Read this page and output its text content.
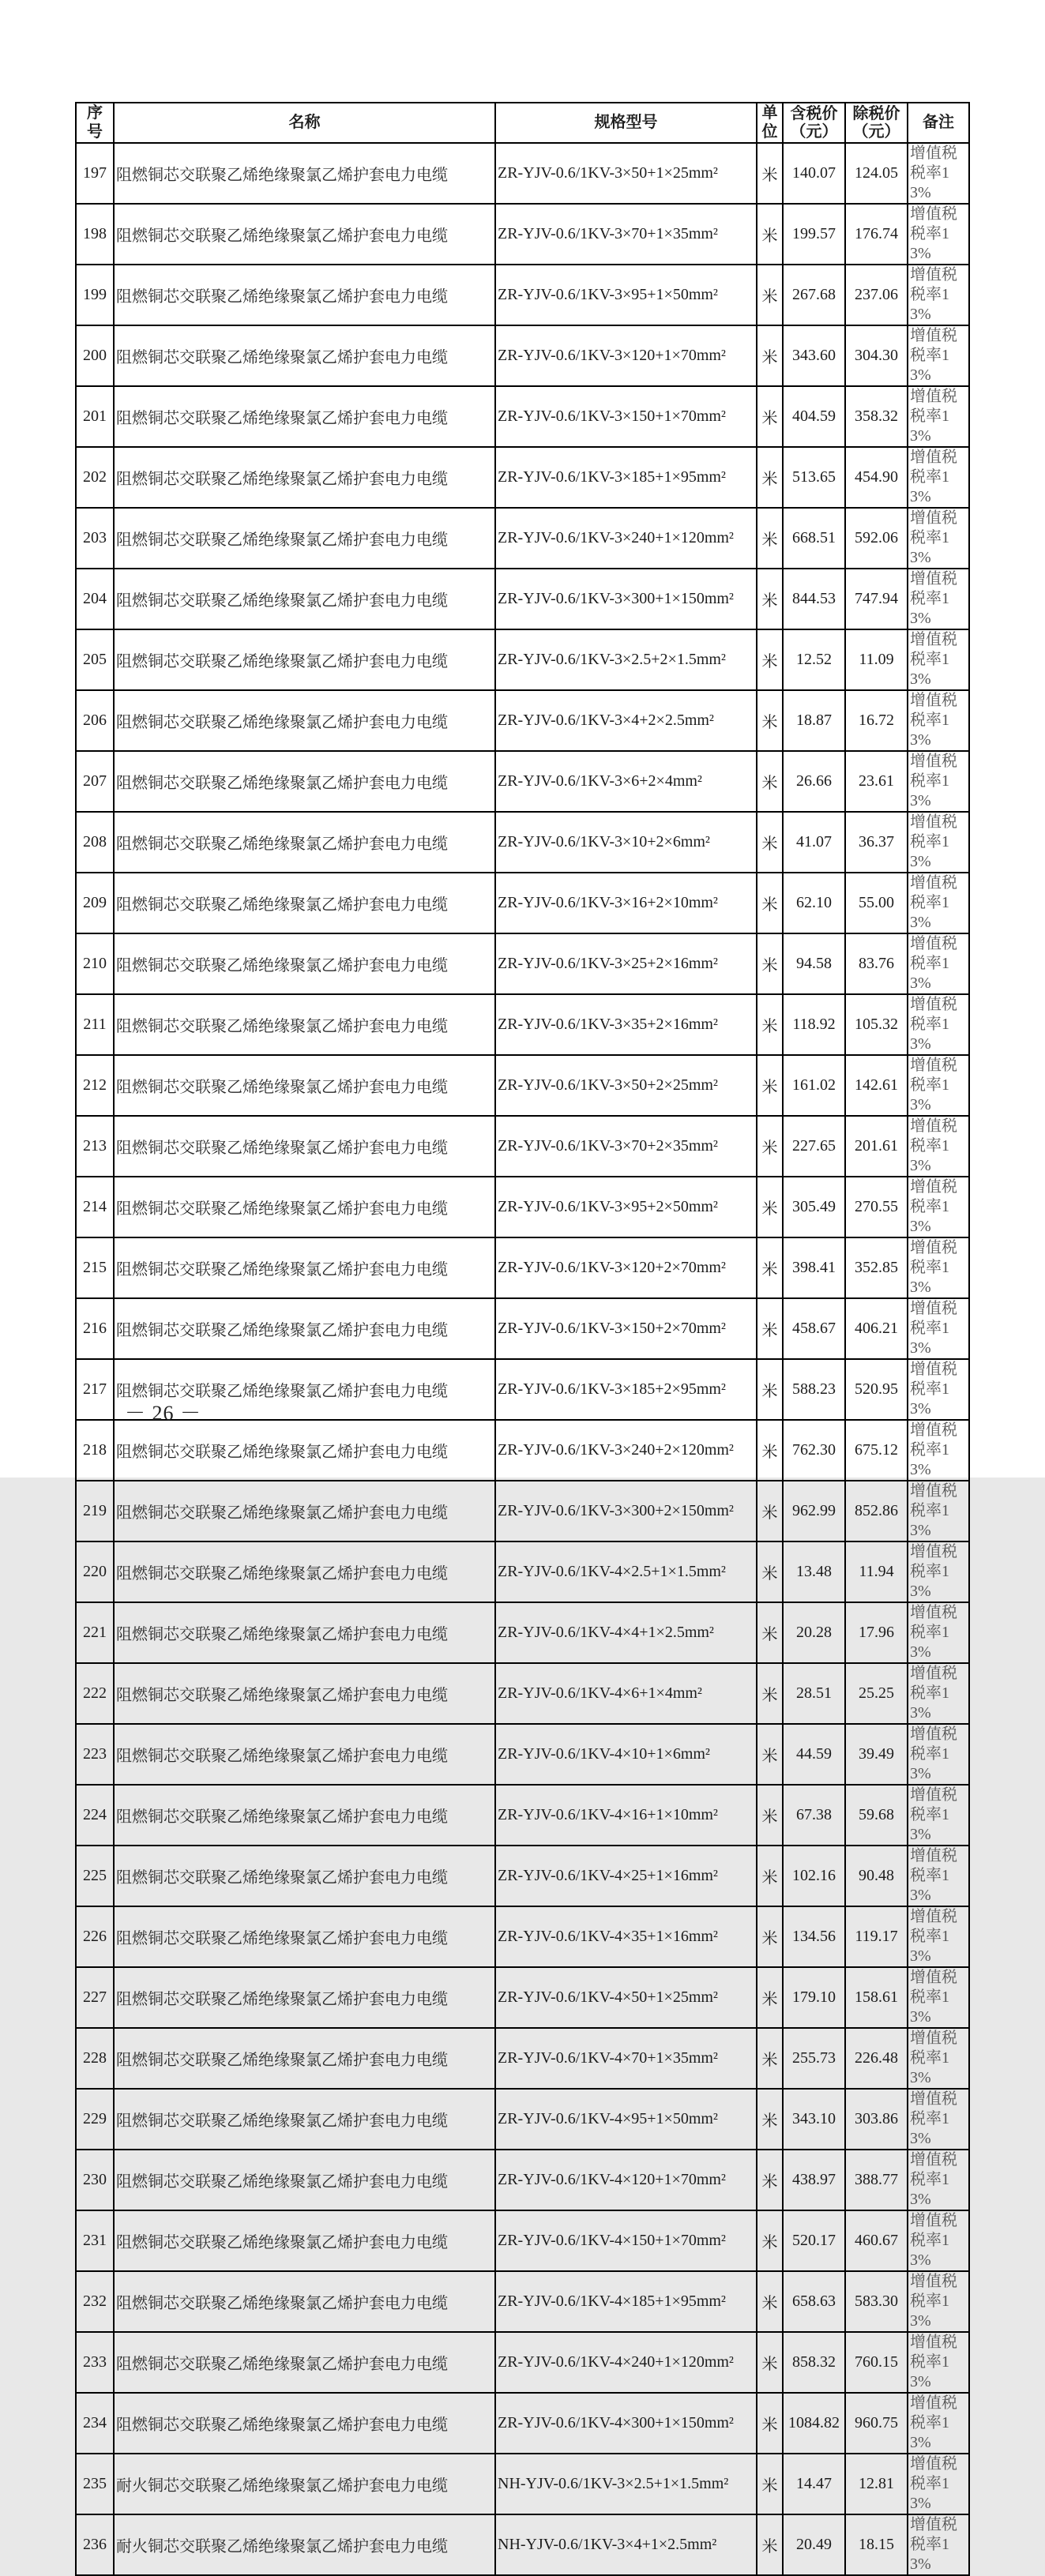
序号	名称	规格型号	单位	含税价（元）	除税价（元）	备注
197	阻燃铜芯交联聚乙烯绝缘聚氯乙烯护套电力电缆	ZR-YJV-0.6/1KV-3×50+1×25mm²	米	140.07	124.05	增值税税率13%
198	阻燃铜芯交联聚乙烯绝缘聚氯乙烯护套电力电缆	ZR-YJV-0.6/1KV-3×70+1×35mm²	米	199.57	176.74	增值税税率13%
199	阻燃铜芯交联聚乙烯绝缘聚氯乙烯护套电力电缆	ZR-YJV-0.6/1KV-3×95+1×50mm²	米	267.68	237.06	增值税税率13%
200	阻燃铜芯交联聚乙烯绝缘聚氯乙烯护套电力电缆	ZR-YJV-0.6/1KV-3×120+1×70mm²	米	343.60	304.30	增值税税率13%
201	阻燃铜芯交联聚乙烯绝缘聚氯乙烯护套电力电缆	ZR-YJV-0.6/1KV-3×150+1×70mm²	米	404.59	358.32	增值税税率13%
202	阻燃铜芯交联聚乙烯绝缘聚氯乙烯护套电力电缆	ZR-YJV-0.6/1KV-3×185+1×95mm²	米	513.65	454.90	增值税税率13%
203	阻燃铜芯交联聚乙烯绝缘聚氯乙烯护套电力电缆	ZR-YJV-0.6/1KV-3×240+1×120mm²	米	668.51	592.06	增值税税率13%
204	阻燃铜芯交联聚乙烯绝缘聚氯乙烯护套电力电缆	ZR-YJV-0.6/1KV-3×300+1×150mm²	米	844.53	747.94	增值税税率13%
205	阻燃铜芯交联聚乙烯绝缘聚氯乙烯护套电力电缆	ZR-YJV-0.6/1KV-3×2.5+2×1.5mm²	米	12.52	11.09	增值税税率13%
206	阻燃铜芯交联聚乙烯绝缘聚氯乙烯护套电力电缆	ZR-YJV-0.6/1KV-3×4+2×2.5mm²	米	18.87	16.72	增值税税率13%
207	阻燃铜芯交联聚乙烯绝缘聚氯乙烯护套电力电缆	ZR-YJV-0.6/1KV-3×6+2×4mm²	米	26.66	23.61	增值税税率13%
208	阻燃铜芯交联聚乙烯绝缘聚氯乙烯护套电力电缆	ZR-YJV-0.6/1KV-3×10+2×6mm²	米	41.07	36.37	增值税税率13%
209	阻燃铜芯交联聚乙烯绝缘聚氯乙烯护套电力电缆	ZR-YJV-0.6/1KV-3×16+2×10mm²	米	62.10	55.00	增值税税率13%
210	阻燃铜芯交联聚乙烯绝缘聚氯乙烯护套电力电缆	ZR-YJV-0.6/1KV-3×25+2×16mm²	米	94.58	83.76	增值税税率13%
211	阻燃铜芯交联聚乙烯绝缘聚氯乙烯护套电力电缆	ZR-YJV-0.6/1KV-3×35+2×16mm²	米	118.92	105.32	增值税税率13%
212	阻燃铜芯交联聚乙烯绝缘聚氯乙烯护套电力电缆	ZR-YJV-0.6/1KV-3×50+2×25mm²	米	161.02	142.61	增值税税率13%
213	阻燃铜芯交联聚乙烯绝缘聚氯乙烯护套电力电缆	ZR-YJV-0.6/1KV-3×70+2×35mm²	米	227.65	201.61	增值税税率13%
214	阻燃铜芯交联聚乙烯绝缘聚氯乙烯护套电力电缆	ZR-YJV-0.6/1KV-3×95+2×50mm²	米	305.49	270.55	增值税税率13%
215	阻燃铜芯交联聚乙烯绝缘聚氯乙烯护套电力电缆	ZR-YJV-0.6/1KV-3×120+2×70mm²	米	398.41	352.85	增值税税率13%
216	阻燃铜芯交联聚乙烯绝缘聚氯乙烯护套电力电缆	ZR-YJV-0.6/1KV-3×150+2×70mm²	米	458.67	406.21	增值税税率13%
217	阻燃铜芯交联聚乙烯绝缘聚氯乙烯护套电力电缆	ZR-YJV-0.6/1KV-3×185+2×95mm²	米	588.23	520.95	增值税税率13%
218	阻燃铜芯交联聚乙烯绝缘聚氯乙烯护套电力电缆	ZR-YJV-0.6/1KV-3×240+2×120mm²	米	762.30	675.12	增值税税率13%
219	阻燃铜芯交联聚乙烯绝缘聚氯乙烯护套电力电缆	ZR-YJV-0.6/1KV-3×300+2×150mm²	米	962.99	852.86	增值税税率13%
220	阻燃铜芯交联聚乙烯绝缘聚氯乙烯护套电力电缆	ZR-YJV-0.6/1KV-4×2.5+1×1.5mm²	米	13.48	11.94	增值税税率13%
221	阻燃铜芯交联聚乙烯绝缘聚氯乙烯护套电力电缆	ZR-YJV-0.6/1KV-4×4+1×2.5mm²	米	20.28	17.96	增值税税率13%
222	阻燃铜芯交联聚乙烯绝缘聚氯乙烯护套电力电缆	ZR-YJV-0.6/1KV-4×6+1×4mm²	米	28.51	25.25	增值税税率13%
223	阻燃铜芯交联聚乙烯绝缘聚氯乙烯护套电力电缆	ZR-YJV-0.6/1KV-4×10+1×6mm²	米	44.59	39.49	增值税税率13%
224	阻燃铜芯交联聚乙烯绝缘聚氯乙烯护套电力电缆	ZR-YJV-0.6/1KV-4×16+1×10mm²	米	67.38	59.68	增值税税率13%
225	阻燃铜芯交联聚乙烯绝缘聚氯乙烯护套电力电缆	ZR-YJV-0.6/1KV-4×25+1×16mm²	米	102.16	90.48	增值税税率13%
226	阻燃铜芯交联聚乙烯绝缘聚氯乙烯护套电力电缆	ZR-YJV-0.6/1KV-4×35+1×16mm²	米	134.56	119.17	增值税税率13%
227	阻燃铜芯交联聚乙烯绝缘聚氯乙烯护套电力电缆	ZR-YJV-0.6/1KV-4×50+1×25mm²	米	179.10	158.61	增值税税率13%
228	阻燃铜芯交联聚乙烯绝缘聚氯乙烯护套电力电缆	ZR-YJV-0.6/1KV-4×70+1×35mm²	米	255.73	226.48	增值税税率13%
229	阻燃铜芯交联聚乙烯绝缘聚氯乙烯护套电力电缆	ZR-YJV-0.6/1KV-4×95+1×50mm²	米	343.10	303.86	增值税税率13%
230	阻燃铜芯交联聚乙烯绝缘聚氯乙烯护套电力电缆	ZR-YJV-0.6/1KV-4×120+1×70mm²	米	438.97	388.77	增值税税率13%
231	阻燃铜芯交联聚乙烯绝缘聚氯乙烯护套电力电缆	ZR-YJV-0.6/1KV-4×150+1×70mm²	米	520.17	460.67	增值税税率13%
232	阻燃铜芯交联聚乙烯绝缘聚氯乙烯护套电力电缆	ZR-YJV-0.6/1KV-4×185+1×95mm²	米	658.63	583.30	增值税税率13%
233	阻燃铜芯交联聚乙烯绝缘聚氯乙烯护套电力电缆	ZR-YJV-0.6/1KV-4×240+1×120mm²	米	858.32	760.15	增值税税率13%
234	阻燃铜芯交联聚乙烯绝缘聚氯乙烯护套电力电缆	ZR-YJV-0.6/1KV-4×300+1×150mm²	米	1084.82	960.75	增值税税率13%
235	耐火铜芯交联聚乙烯绝缘聚氯乙烯护套电力电缆	NH-YJV-0.6/1KV-3×2.5+1×1.5mm²	米	14.47	12.81	增值税税率13%
236	耐火铜芯交联聚乙烯绝缘聚氯乙烯护套电力电缆	NH-YJV-0.6/1KV-3×4+1×2.5mm²	米	20.49	18.15	增值税税率13%
－ 26 －
